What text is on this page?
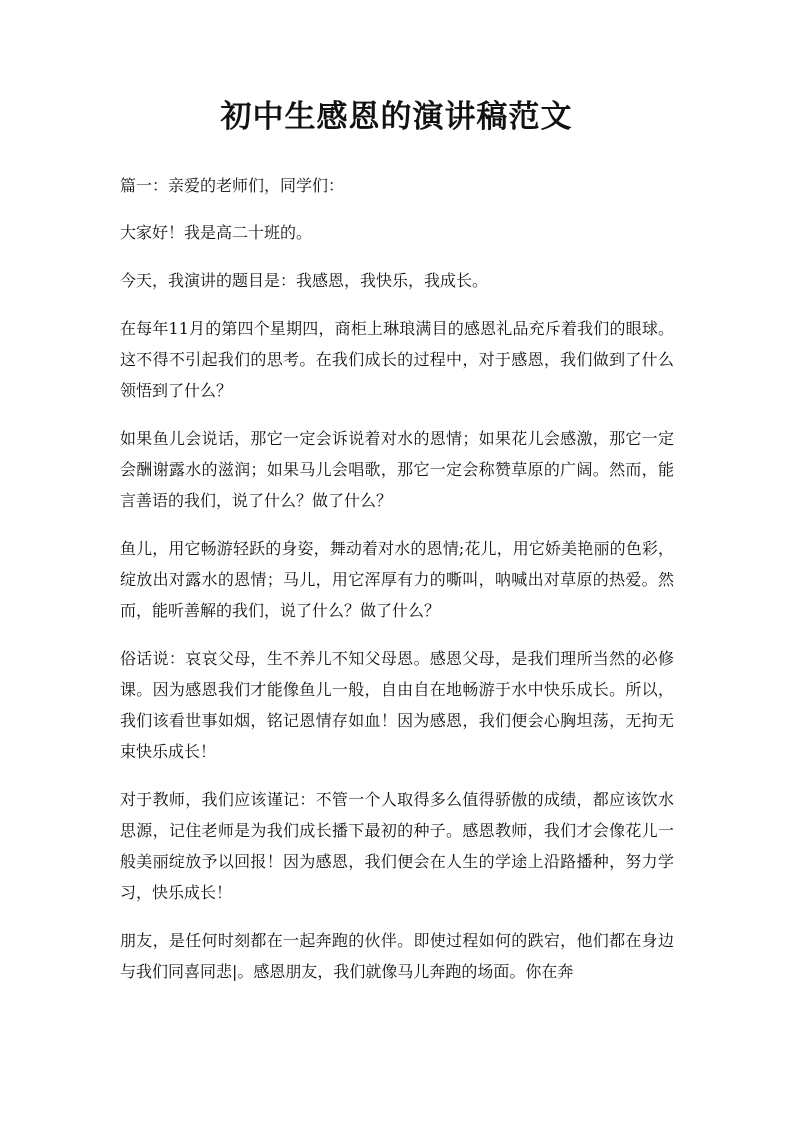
初中生感恩的演讲稿范文

篇一：亲爱的老师们，同学们：

大家好！我是高二十班的。

今天，我演讲的题目是：我感恩，我快乐，我成长。

在每年11月的第四个星期四，商柜上琳琅满目的感恩礼品充斥着我们的眼球。这不得不引起我们的思考。在我们成长的过程中，对于感恩，我们做到了什么领悟到了什么？

如果鱼儿会说话，那它一定会诉说着对水的恩情；如果花儿会感激，那它一定会酬谢露水的滋润；如果马儿会唱歌，那它一定会称赞草原的广阔。然而，能言善语的我们，说了什么？做了什么？

鱼儿，用它畅游轻跃的身姿，舞动着对水的恩情;花儿，用它娇美艳丽的色彩，绽放出对露水的恩情；马儿，用它浑厚有力的嘶叫，呐喊出对草原的热爱。然而，能听善解的我们，说了什么？做了什么？

俗话说：哀哀父母，生不养儿不知父母恩。感恩父母，是我们理所当然的必修课。因为感恩我们才能像鱼儿一般，自由自在地畅游于水中快乐成长。所以，我们该看世事如烟，铭记恩情存如血！因为感恩，我们便会心胸坦荡，无拘无束快乐成长！

对于教师，我们应该谨记：不管一个人取得多么值得骄傲的成绩，都应该饮水思源，记住老师是为我们成长播下最初的种子。感恩教师，我们才会像花儿一般美丽绽放予以回报！因为感恩，我们便会在人生的学途上沿路播种，努力学习，快乐成长！

朋友，是任何时刻都在一起奔跑的伙伴。即使过程如何的跌宕，他们都在身边与我们同喜同悲|。感恩朋友，我们就像马儿奔跑的场面。你在奔
